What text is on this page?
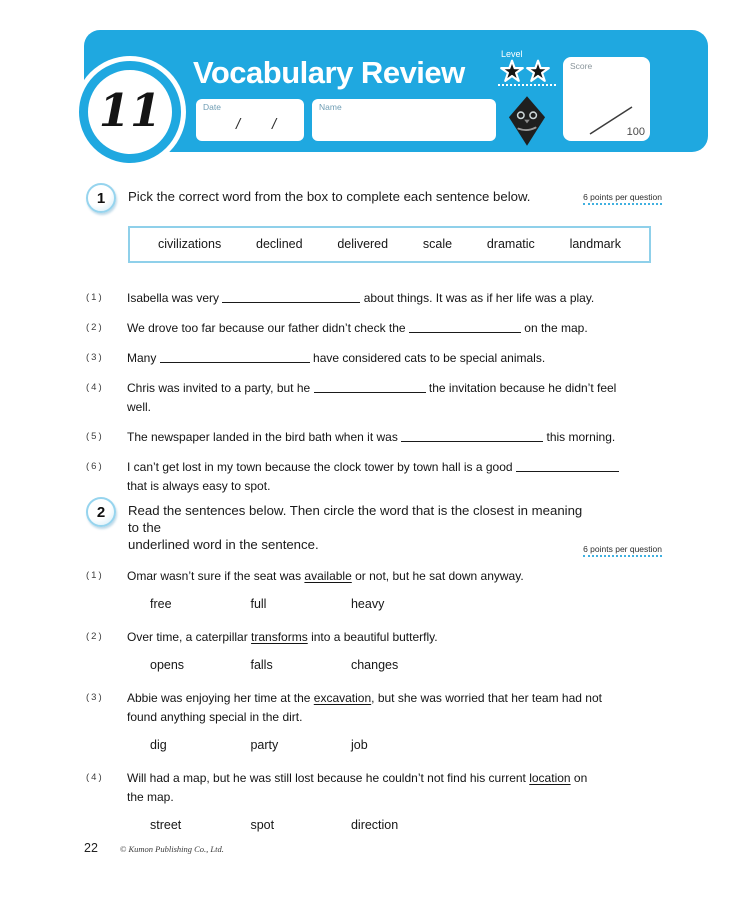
11
Vocabulary Review
Date
/ /
Name
Level
Score
100
1	Pick the correct word from the box to complete each sentence below.	6 points per question
civilizations	declined	delivered	scale	dramatic	landmark
(1)	Isabella was very	about things. It was as if her life was a play.
(2)	We drove too far because our father didn’t check the	on the map.
(3)	Many	have considered cats to be special animals.
(4)	Chris was invited to a party, but he	the invitation because he didn’t feel
well.
(5)	The newspaper landed in the bird bath when it was	this morning.
(6)	I can’t get lost in my town because the clock tower by town hall is a good
that is always easy to spot.
2	Read the sentences below. Then circle the word that is the closest in meaning to the
underlined word in the sentence.	6 points per question
(1)	Omar wasn’t sure if the seat was available or not, but he sat down anyway.
free	full	heavy
(2)	Over time, a caterpillar transforms into a beautiful butterfly.
opens	falls	changes
(3)	Abbie was enjoying her time at the excavation, but she was worried that her team had not
found anything special in the dirt.
dig	party	job
(4)	Will had a map, but he was still lost because he couldn’t not find his current location on
the map.
street	spot	direction
22	© Kumon Publishing Co., Ltd.
